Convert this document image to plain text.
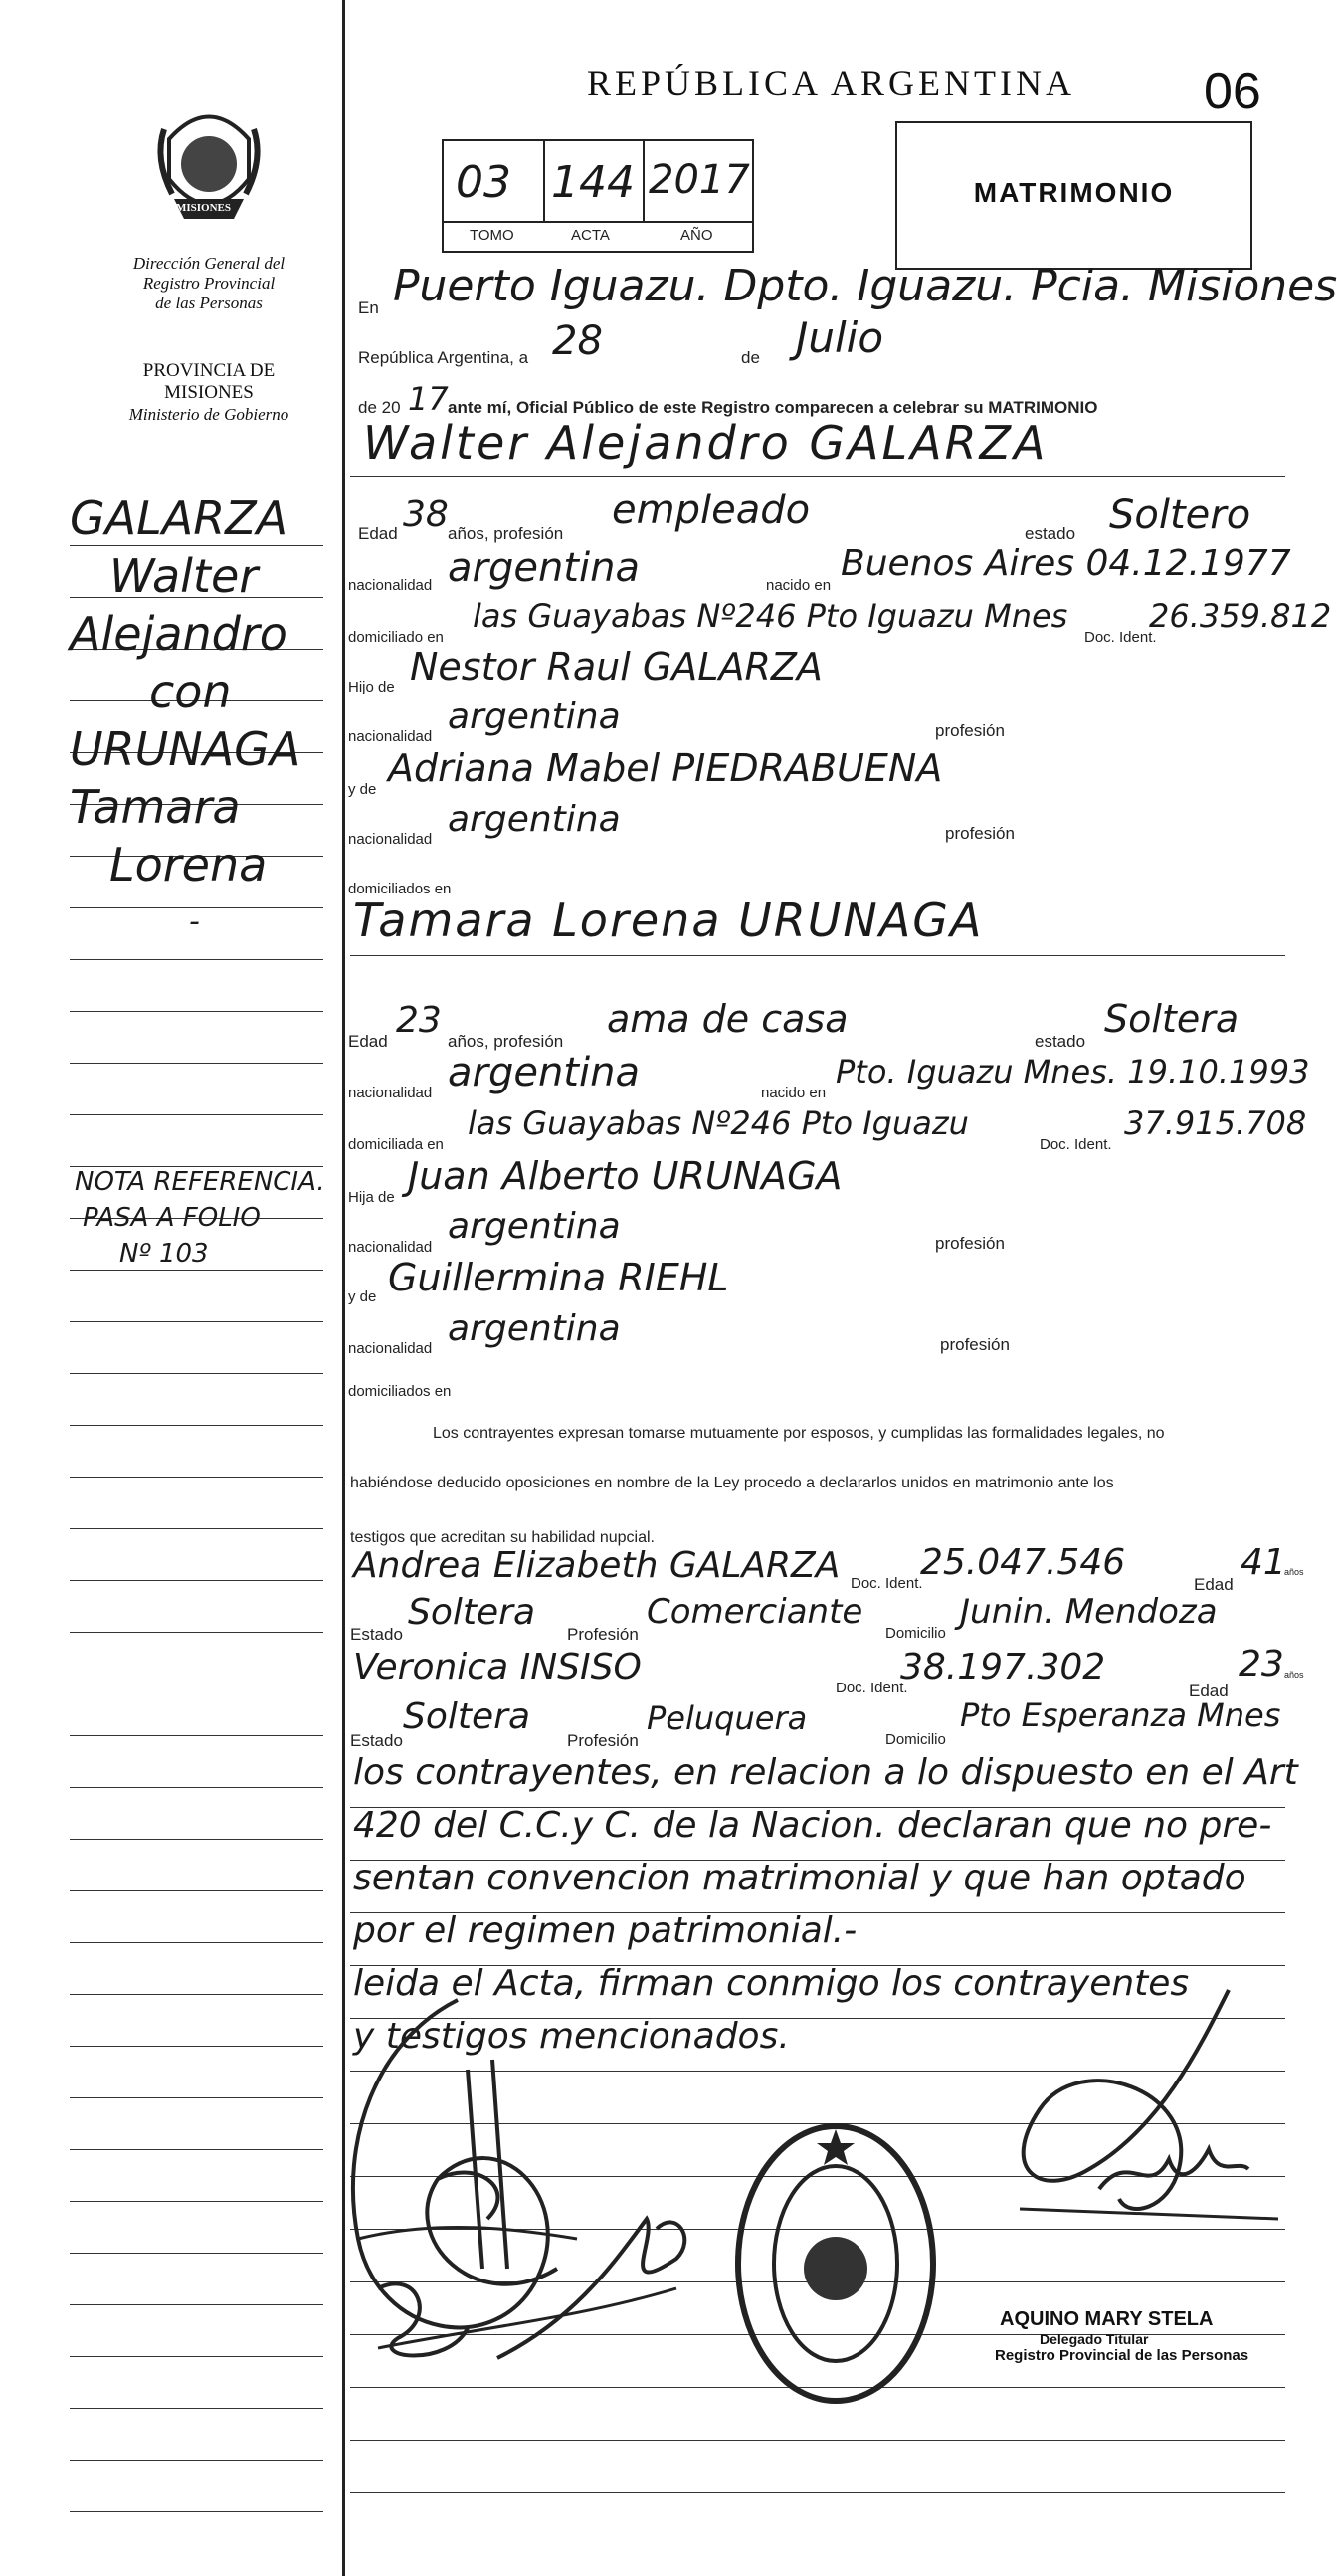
MISIONES
Dirección General del
Registro Provincial
de las Personas
PROVINCIA DE
MISIONES
Ministerio de Gobierno
GALARZA
Walter
Alejandro
con
URUNAGA
Tamara
Lorena
-
NOTA REFERENCIA.
PASA A FOLIO
Nº 103
REPÚBLICA ARGENTINA 06
MATRIMONIO
03 144 2017
TOMO	ACTA	AÑO
En Puerto Iguazu. Dpto. Iguazu. Pcia. Misiones
República Argentina, a 28	de Julio
de 20 17 ante mí, Oficial Público de este Registro comparecen a celebrar su MATRIMONIO
Walter Alejandro GALARZA
Edad 38 años, profesión
empleado
estado Soltero
nacionalidad argentina	nacido en
Buenos Aires 04.12.1977
domiciliado en
las Guayabas Nº246 Pto Iguazu Mnes
Doc. Ident.
26.359.812
Hijo de Nestor Raul GALARZA
nacionalidad argentina	profesión
y de Adriana Mabel PIEDRABUENA
nacionalidad argentina	profesión
domiciliados en
Tamara Lorena URUNAGA
Edad
23
años, profesión
ama de casa
estado
Soltera
nacionalidad argentina	nacido en
Pto. Iguazu Mnes. 19.10.1993
domiciliada en
las Guayabas Nº246 Pto Iguazu
Doc. Ident.
37.915.708
Hija de Juan Alberto URUNAGA
nacionalidad
argentina	profesión
y de Guillermina RIEHL
nacionalidad argentina	profesión
domiciliados en
Los contrayentes expresan tomarse mutuamente por esposos, y cumplidas las formalidades legales, no
habiéndose deducido oposiciones en nombre de la Ley procedo a declararlos unidos en matrimonio ante los
testigos que acreditan su habilidad nupcial.
Andrea Elizabeth GALARZA Doc. Ident.
25.047.546
Edad
41
años
Estado
Soltera
Profesión
Comerciante
Domicilio
Junin. Mendoza
Veronica INSISO
Doc. Ident.
38.197.302
Edad
23 años
Estado
Soltera
Profesión
Peluquera
Domicilio
Pto Esperanza Mnes
los contrayentes, en relacion a lo dispuesto en el Art
420 del C.C.y C. de la Nacion. declaran que no pre-
sentan convencion matrimonial y que han optado
por el regimen patrimonial.-
leida el Acta, firman conmigo los contrayentes
y testigos mencionados.
AQUINO MARY STELA
Delegado Titular
Registro Provincial de las Personas
